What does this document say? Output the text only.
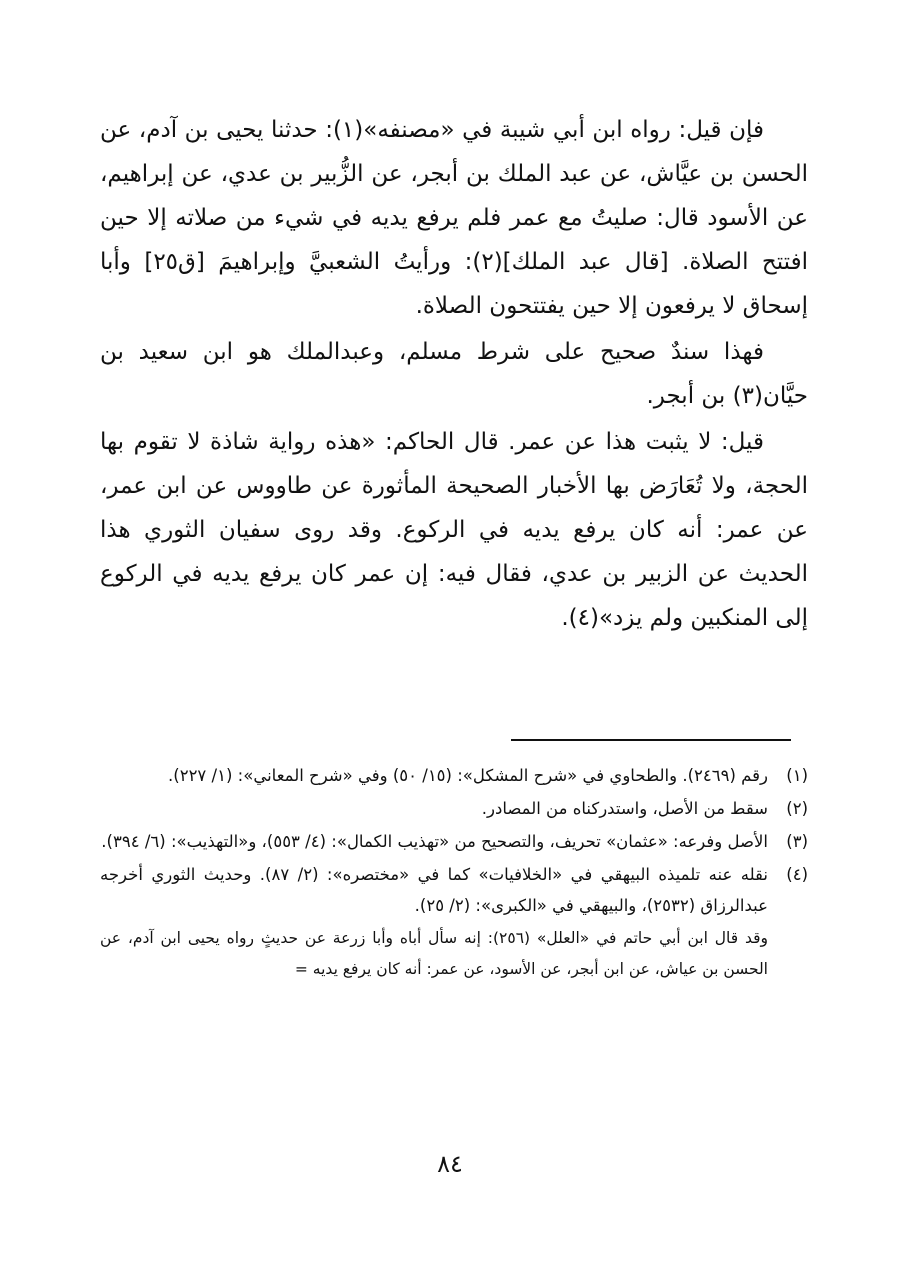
فإن قيل: رواه ابن أبي شيبة في «مصنفه»(١): حدثنا يحيى بن آدم، عن الحسن بن عيَّاش، عن عبد الملك بن أبجر، عن الزُّبير بن عدي، عن إبراهيم، عن الأسود قال: صليتُ مع عمر فلم يرفع يديه في شيء من صلاته إلا حين افتتح الصلاة. [قال عبد الملك](٢): ورأيتُ الشعبيَّ وإبراهيمَ [ق٢٥] وأبا إسحاق لا يرفعون إلا حين يفتتحون الصلاة.

فهذا سندٌ صحيح على شرط مسلم، وعبدالملك هو ابن سعيد بن حيَّان(٣) بن أبجر.

قيل: لا يثبت هذا عن عمر. قال الحاكم: «هذه رواية شاذة لا تقوم بها الحجة، ولا تُعَارَض بها الأخبار الصحيحة المأثورة عن طاووس عن ابن عمر، عن عمر: أنه كان يرفع يديه في الركوع. وقد روى سفيان الثوري هذا الحديث عن الزبير بن عدي، فقال فيه: إن عمر كان يرفع يديه في الركوع إلى المنكبين ولم يزد»(٤).

(١)
رقم (٢٤٦٩). والطحاوي في «شرح المشكل»: (١٥/ ٥٠) وفي «شرح المعاني»: (١/ ٢٢٧).
(٢)
سقط من الأصل، واستدركناه من المصادر.
(٣)
الأصل وفرعه: «عثمان» تحريف، والتصحيح من «تهذيب الكمال»: (٤/ ٥٥٣)، و«التهذيب»: (٦/ ٣٩٤).
(٤)
نقله عنه تلميذه البيهقي في «الخلافيات» كما في «مختصره»: (٢/ ٨٧). وحديث الثوري أخرجه عبدالرزاق (٢٥٣٢)، والبيهقي في «الكبرى»: (٢/ ٢٥).
وقد قال ابن أبي حاتم في «العلل» (٢٥٦): إنه سأل أباه وأبا زرعة عن حديثٍ رواه يحيى ابن آدم، عن الحسن بن عياش، عن ابن أبجر، عن الأسود، عن عمر: أنه كان يرفع يديه =
٨٤
